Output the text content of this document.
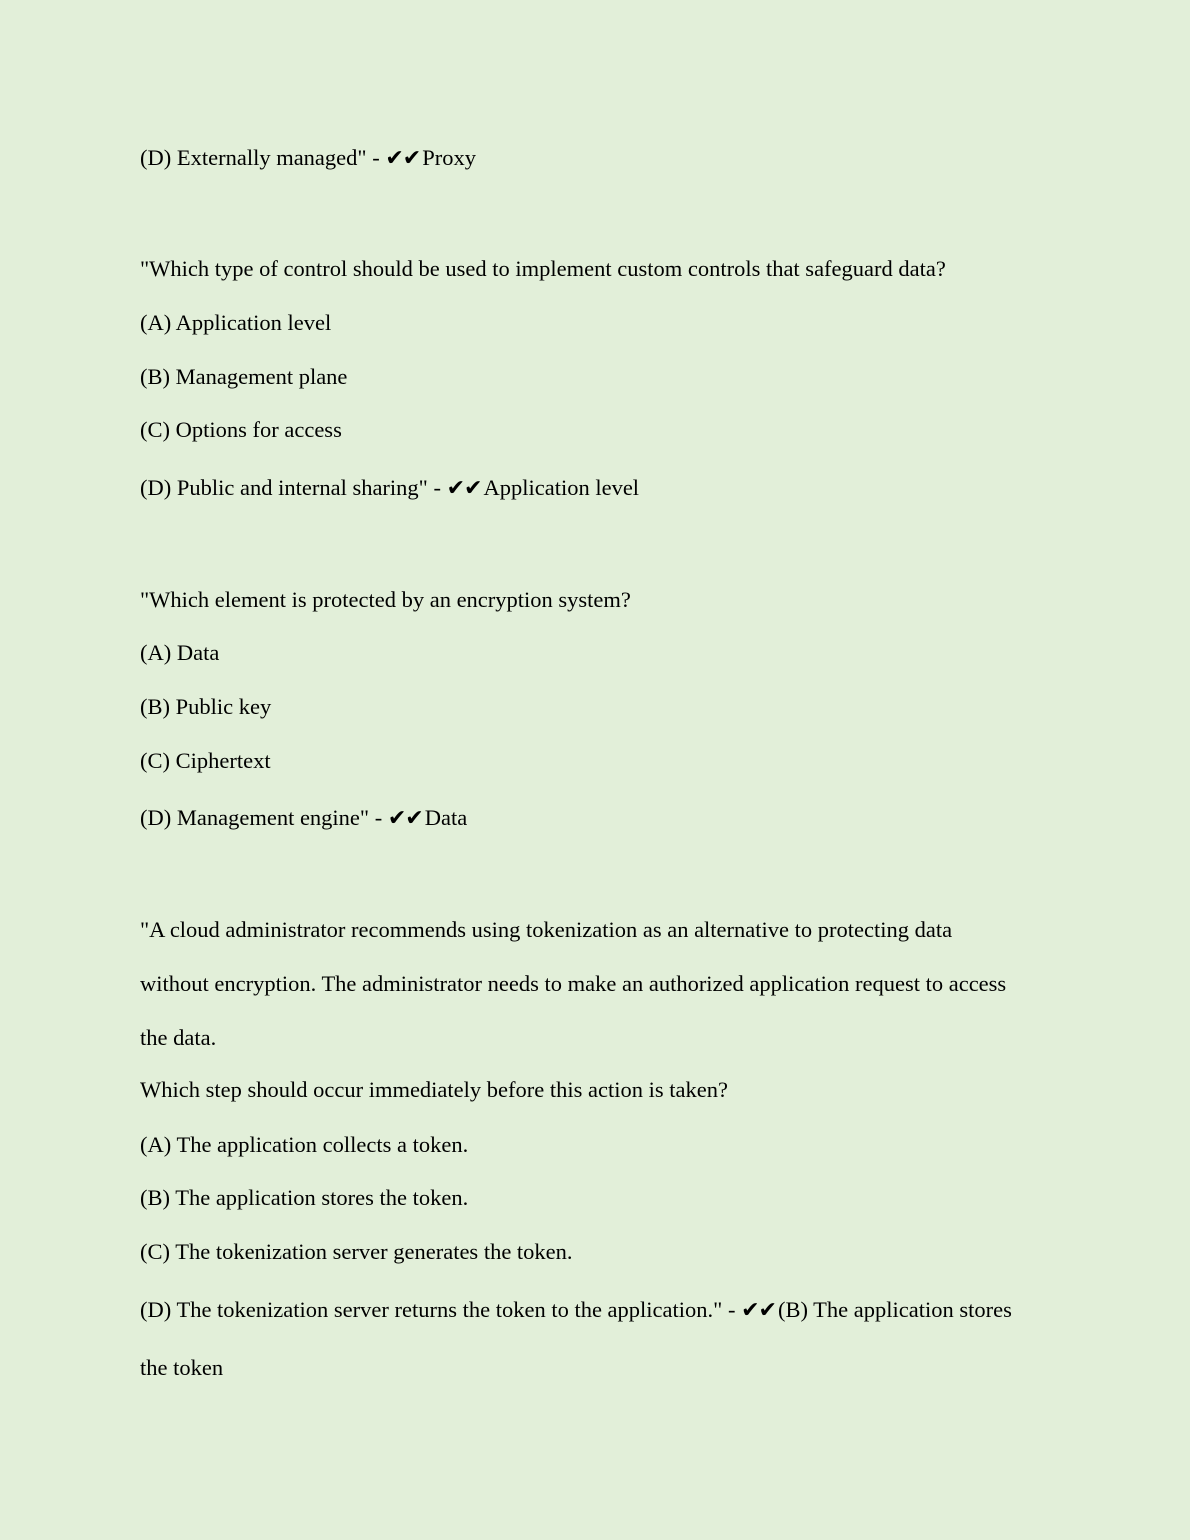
(D) Externally managed" - ✔✔Proxy
"Which type of control should be used to implement custom controls that safeguard data?
(A) Application level
(B) Management plane
(C) Options for access
(D) Public and internal sharing" - ✔✔Application level
"Which element is protected by an encryption system?
(A) Data
(B) Public key
(C) Ciphertext
(D) Management engine" - ✔✔Data
"A cloud administrator recommends using tokenization as an alternative to protecting data
without encryption. The administrator needs to make an authorized application request to access
the data.
Which step should occur immediately before this action is taken?
(A) The application collects a token.
(B) The application stores the token.
(C) The tokenization server generates the token.
(D) The tokenization server returns the token to the application." - ✔✔(B) The application stores
the token
